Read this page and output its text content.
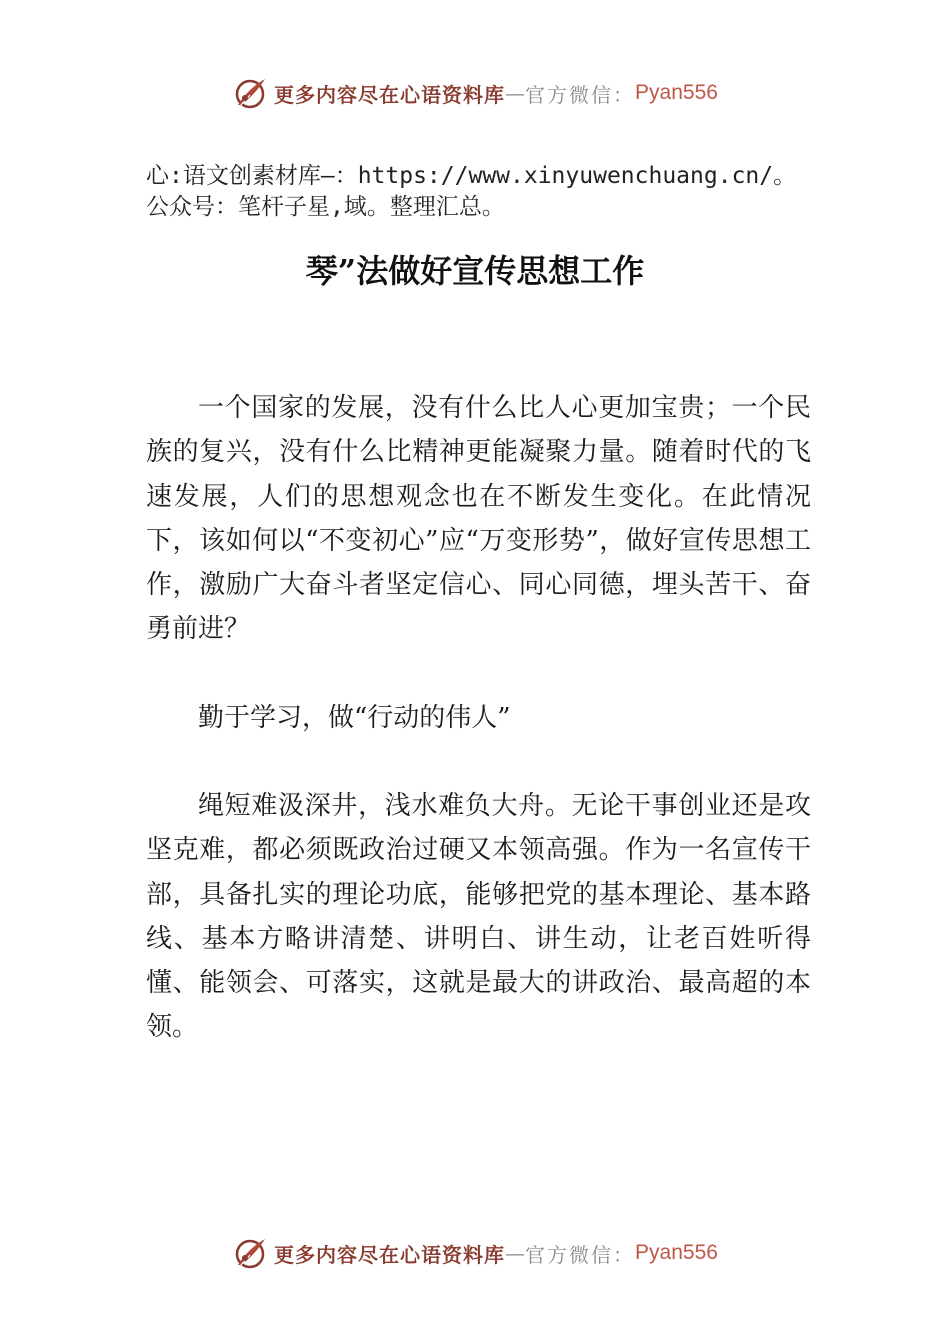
更多内容尽在心语资料库 — 官方微信： Pyan556
心:语文创素材库—：https://www.xinyuwenchuang.cn/。
公众号：笔杆子星,域。整理汇总。
琴”法做好宣传思想工作

一个国家的发展，没有什么比人心更加宝贵；一个民族的复兴，没有什么比精神更能凝聚力量。随着时代的飞速发展，人们的思想观念也在不断发生变化。在此情况下，该如何以“不变初心”应“万变形势”，做好宣传思想工作，激励广大奋斗者坚定信心、同心同德，埋头苦干、奋勇前进？

勤于学习，做“行动的伟人”

绳短难汲深井，浅水难负大舟。无论干事创业还是攻坚克难，都必须既政治过硬又本领高强。作为一名宣传干部，具备扎实的理论功底，能够把党的基本理论、基本路线、基本方略讲清楚、讲明白、讲生动，让老百姓听得懂、能领会、可落实，这就是最大的讲政治、最高超的本领。

更多内容尽在心语资料库 — 官方微信： Pyan556
